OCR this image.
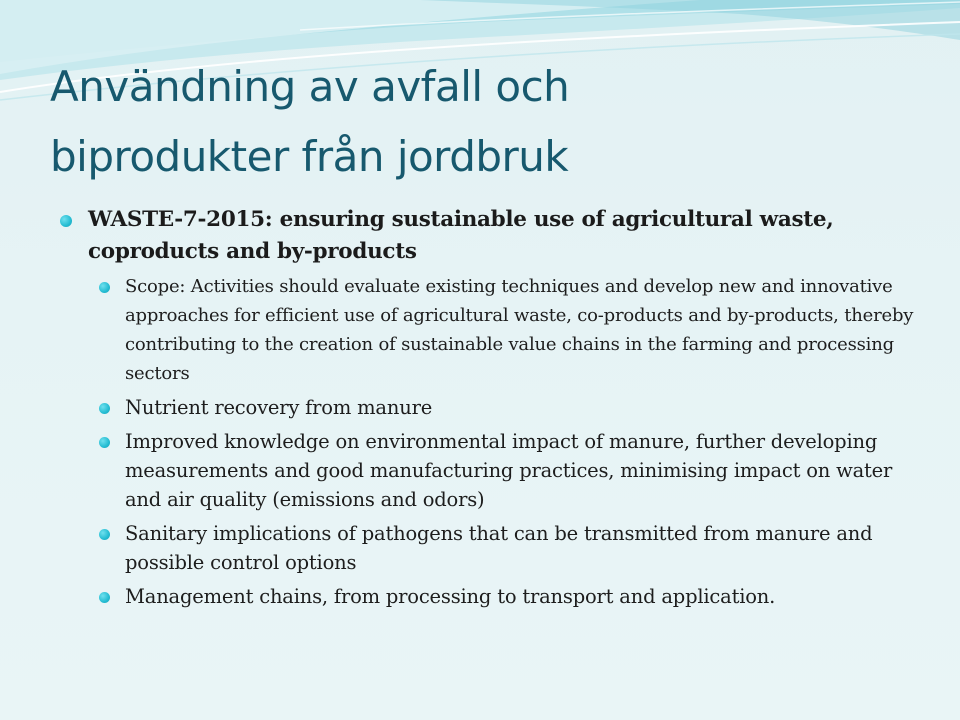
Användning av avfall och
biprodukter från jordbruk
WASTE-7-2015: ensuring sustainable use of agricultural waste, coproducts and by-products
Scope: Activities should evaluate existing techniques and develop new and innovative approaches for efficient use of agricultural waste, co-products and by-products, thereby contributing to the creation of sustainable value chains in the farming and processing sectors
Nutrient recovery from manure
Improved knowledge on environmental impact of manure, further developing measurements and good manufacturing practices, minimising impact on water and air quality (emissions and odors)
Sanitary implications of pathogens that can be transmitted from manure and possible control options
Management chains, from processing to transport and application.
